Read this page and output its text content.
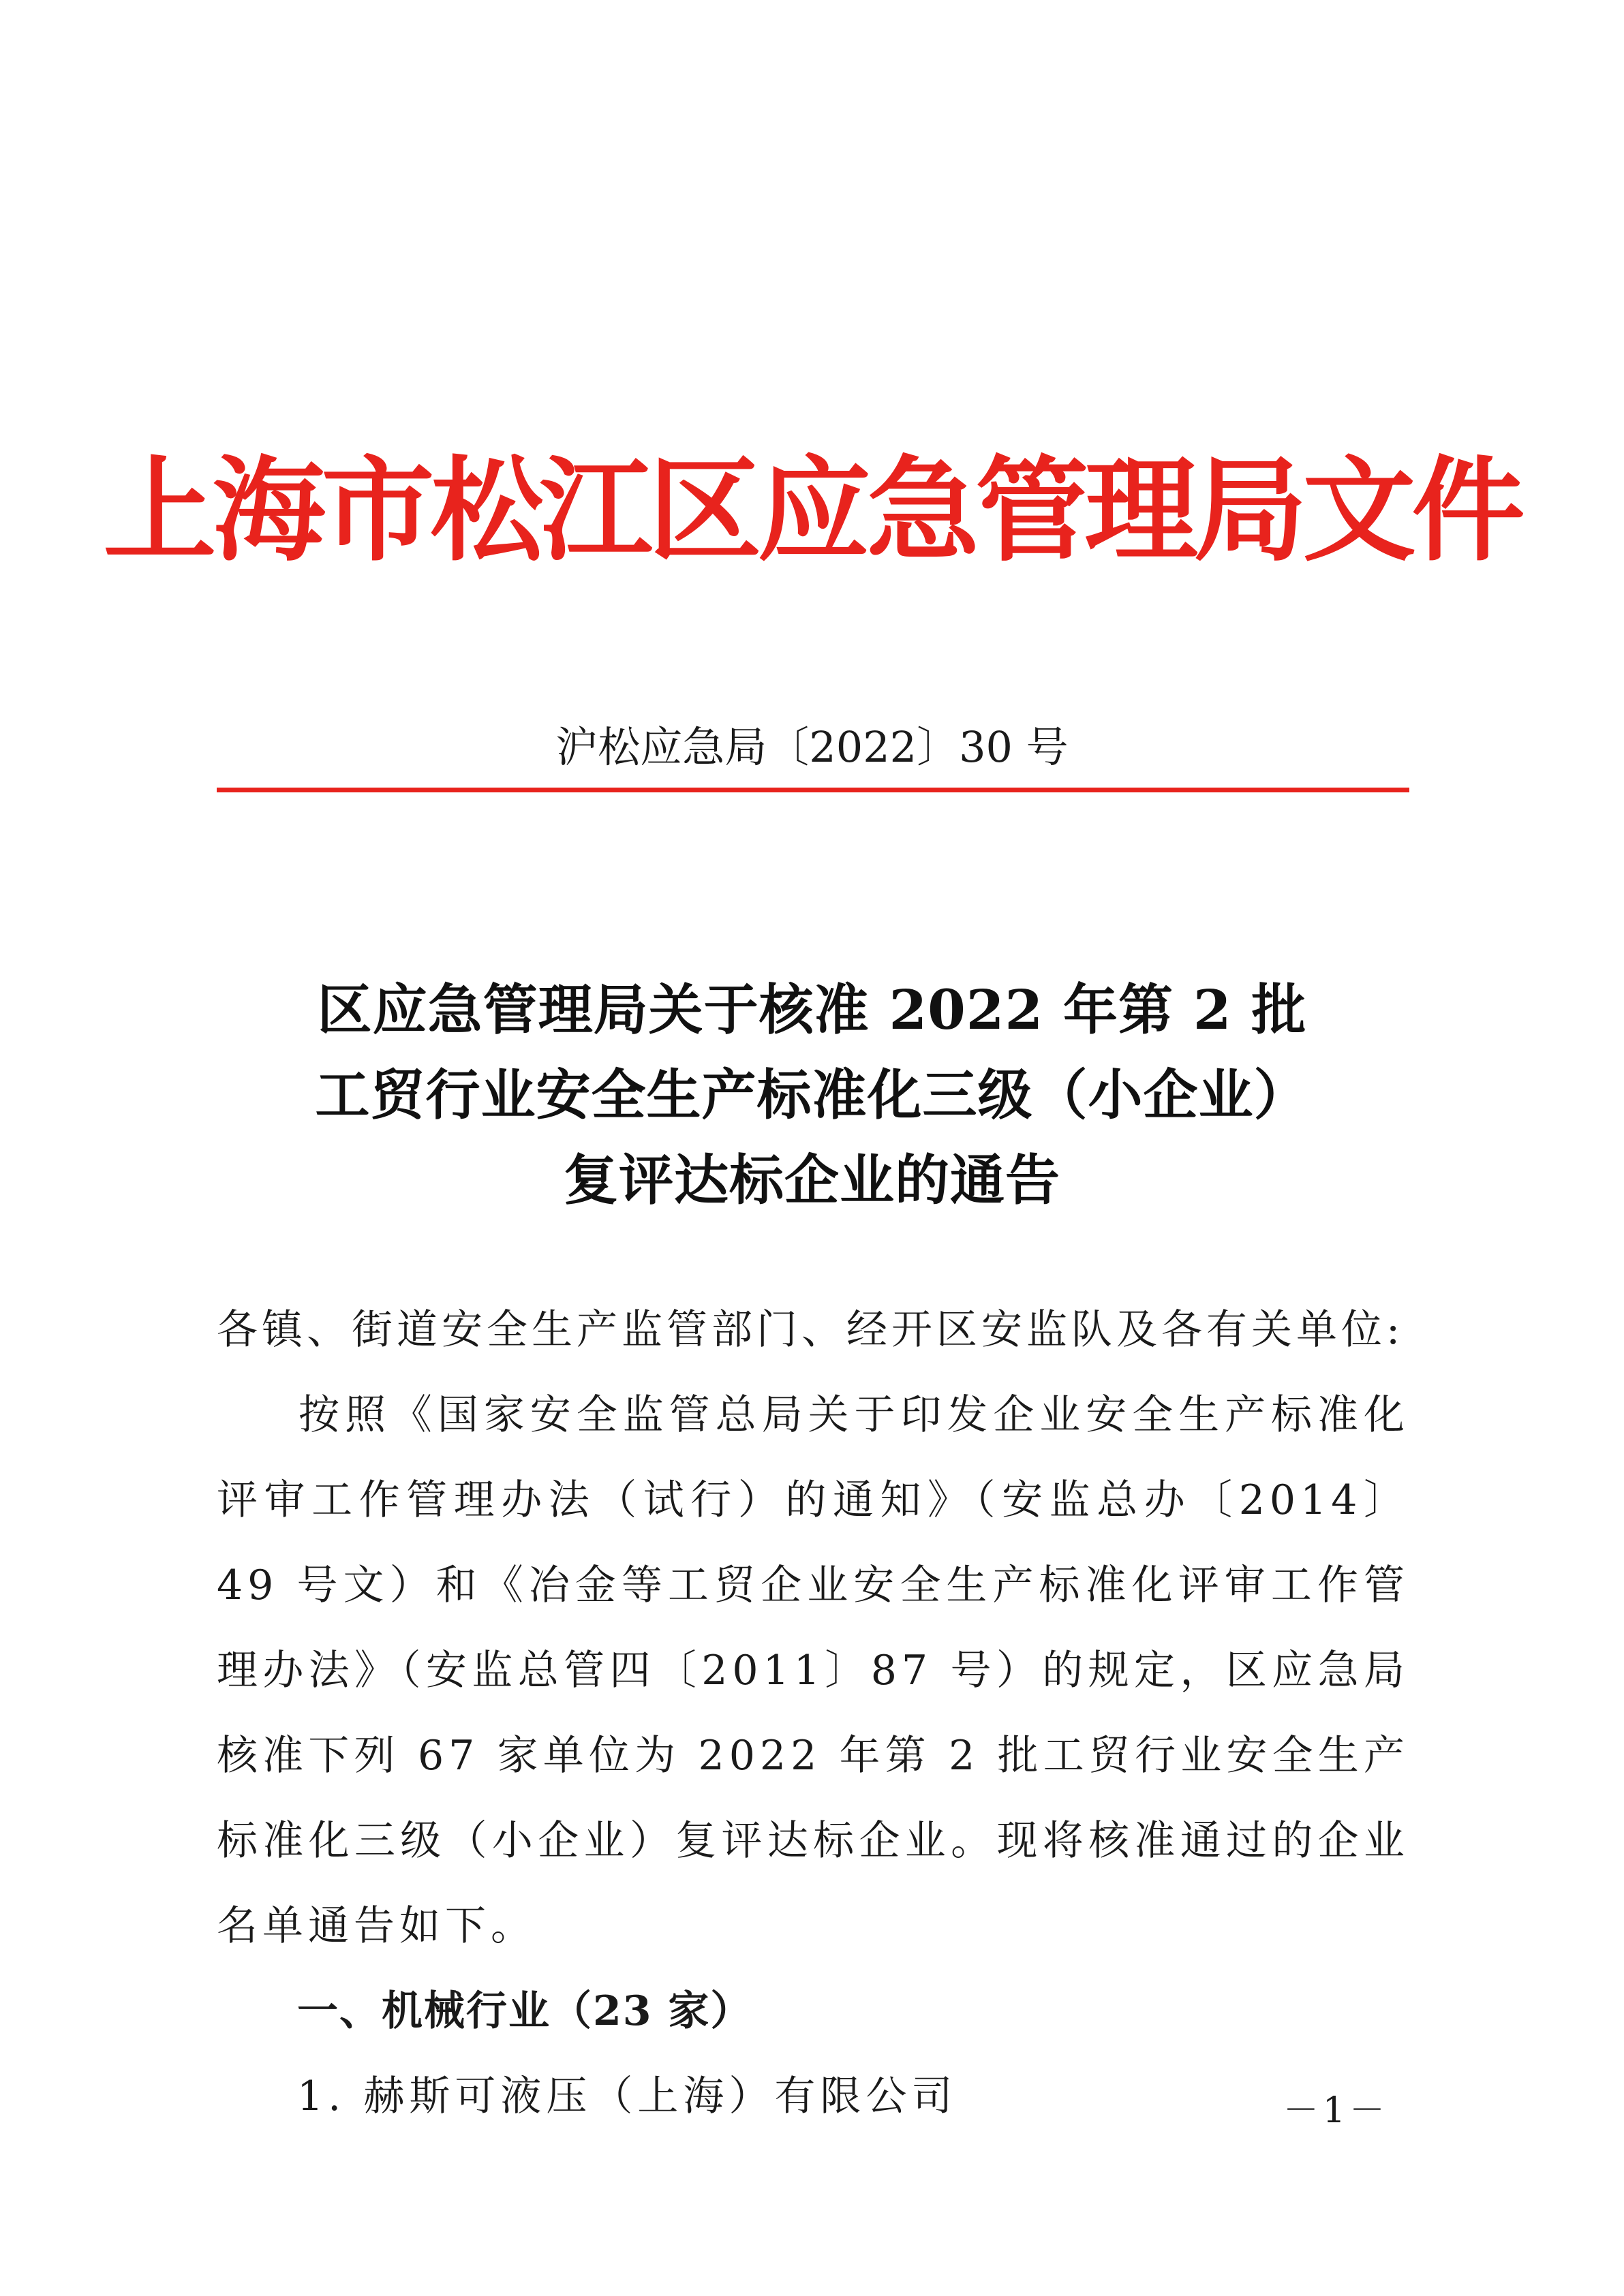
上海市松江区应急管理局文件
沪松应急局〔2022〕30 号
区应急管理局关于核准 2022 年第 2 批
工贸行业安全生产标准化三级（小企业）
复评达标企业的通告

各镇、街道安全生产监管部门、经开区安监队及各有关单位:

按照《国家安全监管总局关于印发企业安全生产标准化评审工作管理办法（试行）的通知》（安监总办〔2014〕49 号文）和《冶金等工贸企业安全生产标准化评审工作管理办法》（安监总管四〔2011〕87 号）的规定，区应急局核准下列 67 家单位为 2022 年第 2 批工贸行业安全生产标准化三级（小企业）复评达标企业。现将核准通过的企业名单通告如下。

一、机械行业（23 家）

1. 赫斯可液压（上海）有限公司	－1－
